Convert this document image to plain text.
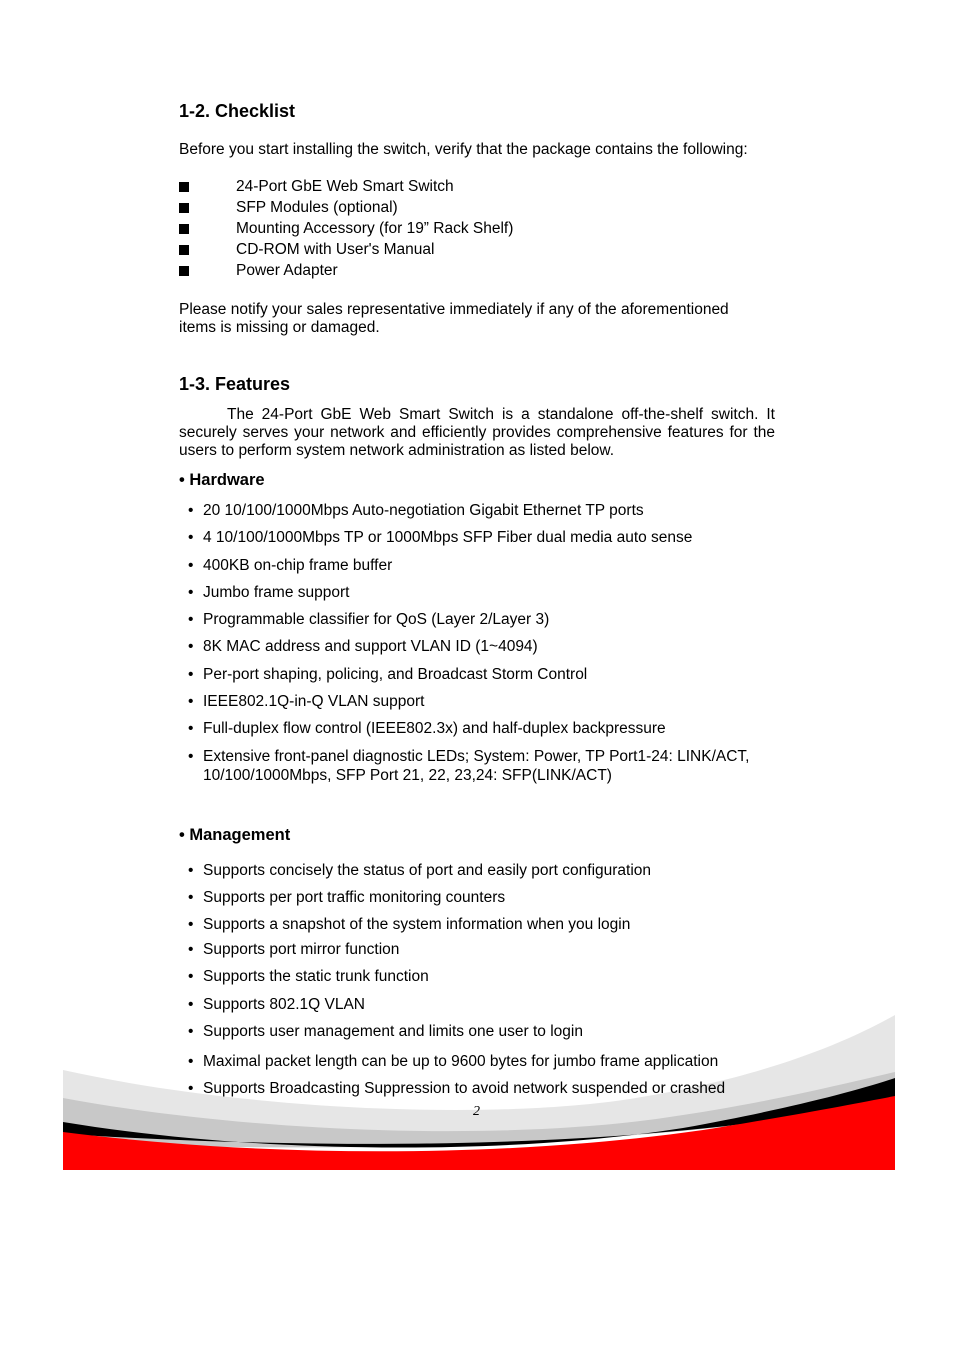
1-2. Checklist
Before you start installing the switch, verify that the package contains the following:
24-Port GbE Web Smart Switch
SFP Modules (optional)
Mounting Accessory (for 19” Rack Shelf)
CD-ROM with User's Manual
Power Adapter
Please notify your sales representative immediately if any of the aforementioned
items is missing or damaged.
1-3. Features
The 24-Port GbE Web Smart Switch is a standalone off-the-shelf switch. It securely serves your network and efficiently provides comprehensive features for the users to perform system network administration as listed below.
• Hardware
• 20 10/100/1000Mbps Auto-negotiation Gigabit Ethernet TP ports
• 4 10/100/1000Mbps TP or 1000Mbps SFP Fiber dual media auto sense
• 400KB on-chip frame buffer
• Jumbo frame support
• Programmable classifier for QoS (Layer 2/Layer 3)
• 8K MAC address and support VLAN ID (1~4094)
• Per-port shaping, policing, and Broadcast Storm Control
• IEEE802.1Q-in-Q VLAN support
• Full-duplex flow control (IEEE802.3x) and half-duplex backpressure
• Extensive front-panel diagnostic LEDs; System: Power, TP Port1-24: LINK/ACT, 10/100/1000Mbps, SFP Port 21, 22, 23,24: SFP(LINK/ACT)
• Management
• Supports concisely the status of port and easily port configuration
• Supports per port traffic monitoring counters
• Supports a snapshot of the system information when you login
• Supports port mirror function
• Supports the static trunk function
• Supports 802.1Q VLAN
• Supports user management and limits one user to login
• Maximal packet length can be up to 9600 bytes for jumbo frame application
• Supports Broadcasting Suppression to avoid network suspended or crashed
2
